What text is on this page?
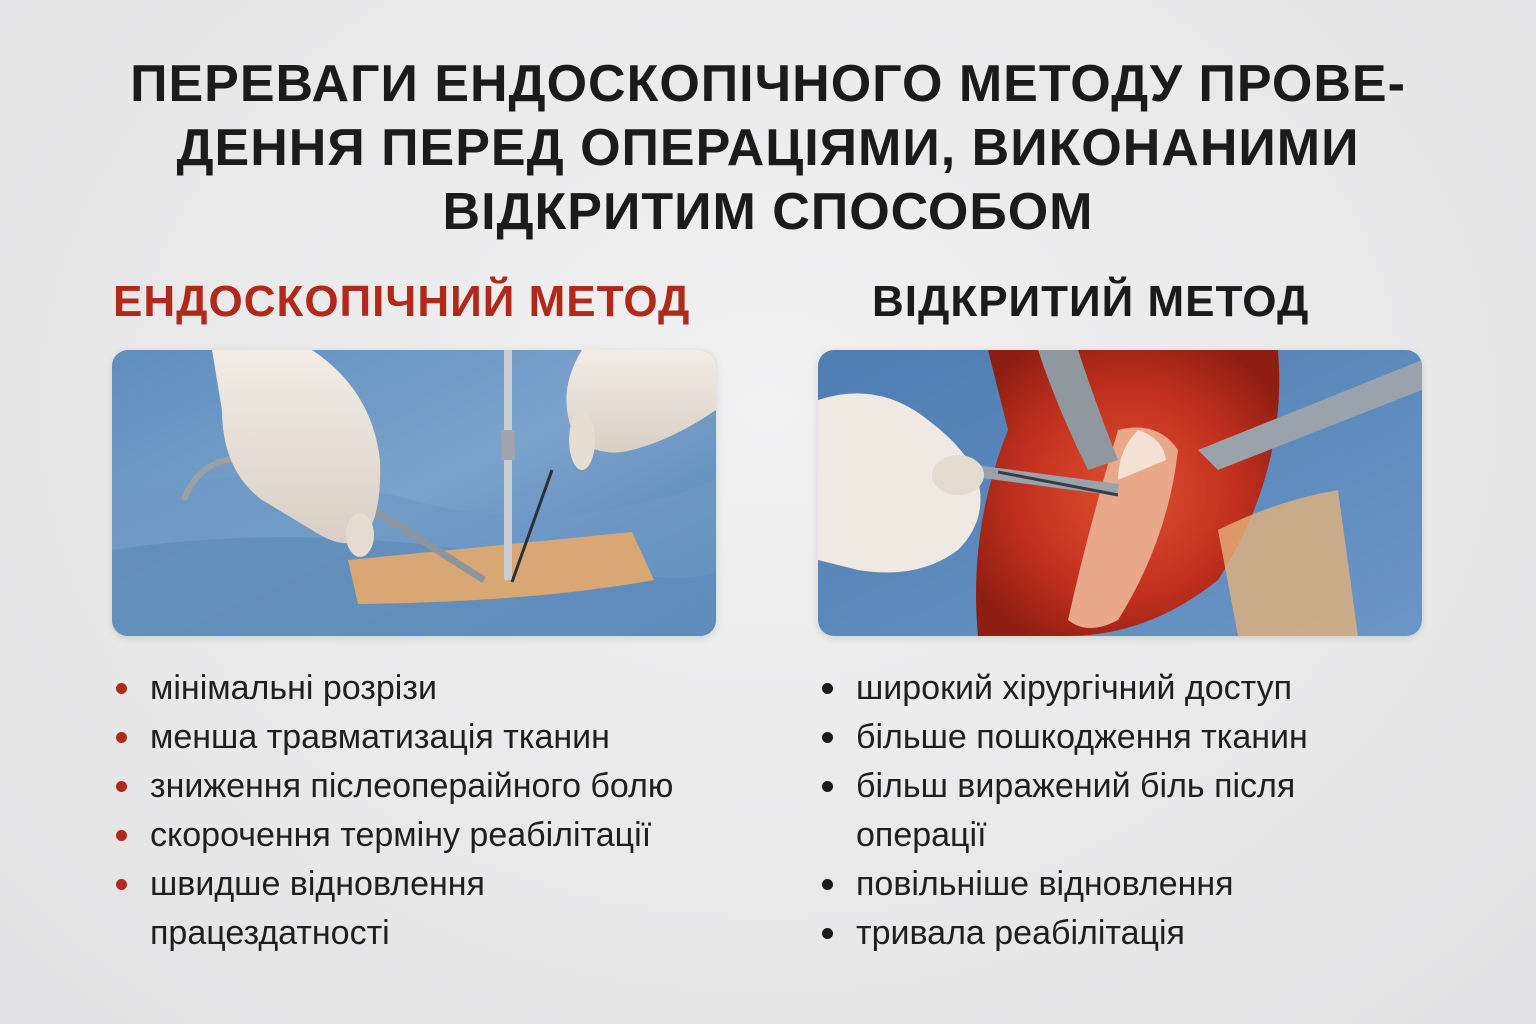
ПЕРЕВАГИ ЕНДОСКОПІЧНОГО МЕТОДУ ПРОВЕ-
ДЕННЯ ПЕРЕД ОПЕРАЦІЯМИ, ВИКОНАНИМИ
ВІДКРИТИМ СПОСОБОМ
ЕНДОСКОПІЧНИЙ МЕТОД	ВІДКРИТИЙ МЕТОД
мінімальні розрізи
менша травматизація тканин
зниження післеопераійного болю
скорочення терміну реабілітації
швидше відновлення працездатності
широкий хірургічний доступ
більше пошкодження тканин
більш виражений біль після операції
повільніше відновлення
тривала реабілітація
